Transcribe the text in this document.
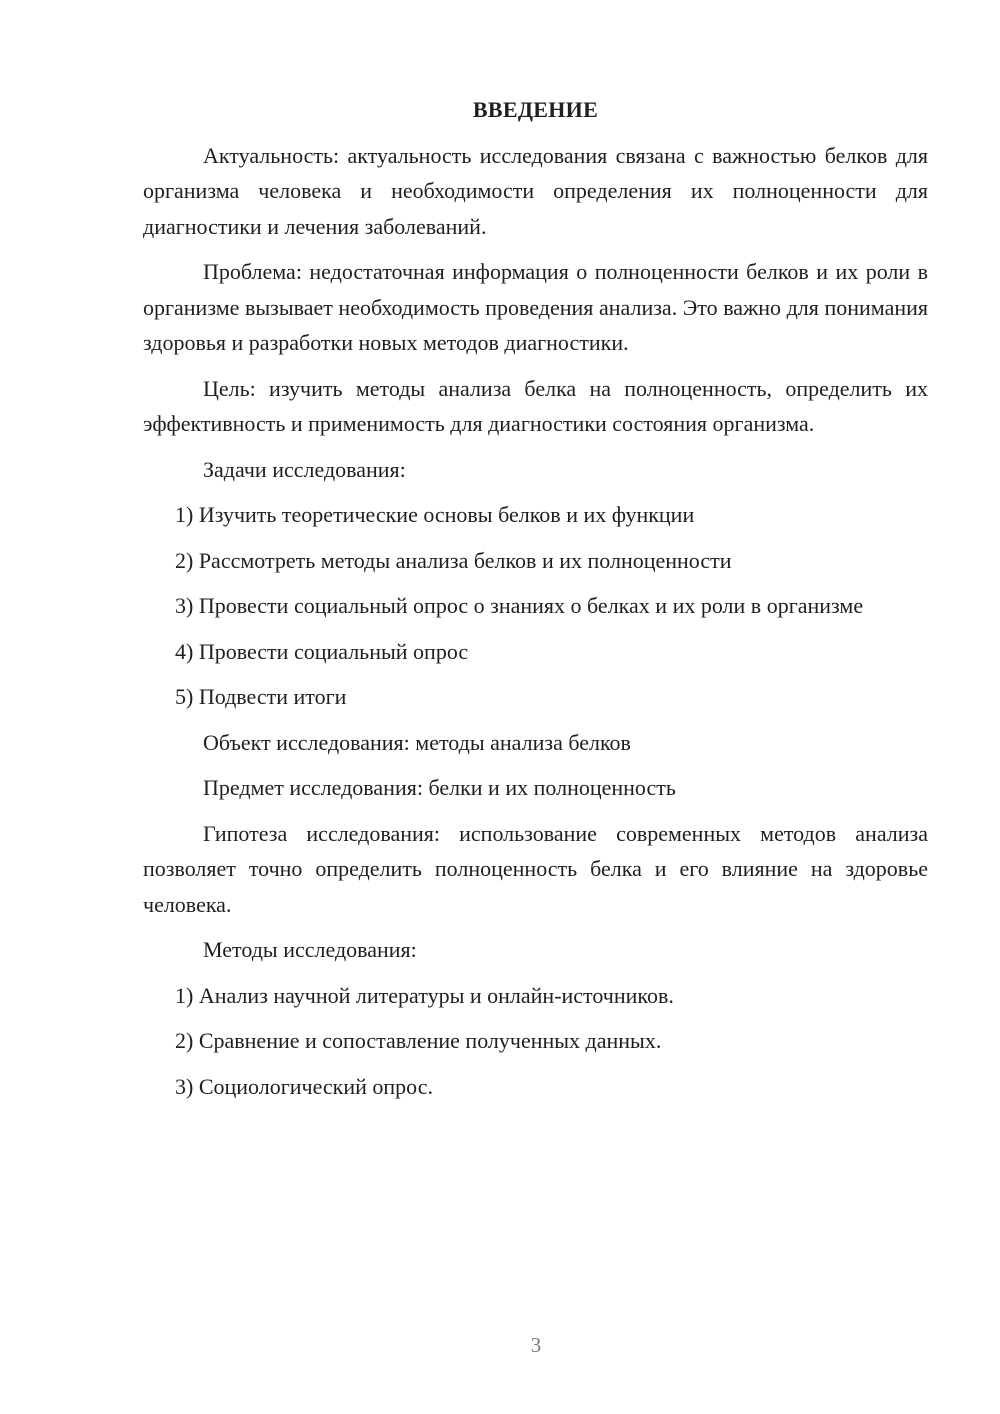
ВВЕДЕНИЕ
Актуальность: актуальность исследования связана с важностью белков для организма человека и необходимости определения их полноценности для диагностики и лечения заболеваний.
Проблема: недостаточная информация о полноценности белков и их роли в организме вызывает необходимость проведения анализа. Это важно для понимания здоровья и разработки новых методов диагностики.
Цель: изучить методы анализа белка на полноценность, определить их эффективность и применимость для диагностики состояния организма.
Задачи исследования:
1) Изучить теоретические основы белков и их функции
2) Рассмотреть методы анализа белков и их полноценности
3) Провести социальный опрос о знаниях о белках и их роли в организме
4) Провести социальный опрос
5) Подвести итоги
Объект исследования: методы анализа белков
Предмет исследования: белки и их полноценность
Гипотеза исследования: использование современных методов анализа позволяет точно определить полноценность белка и его влияние на здоровье человека.
Методы исследования:
1) Анализ научной литературы и онлайн-источников.
2) Сравнение и сопоставление полученных данных.
3) Социологический опрос.
3
